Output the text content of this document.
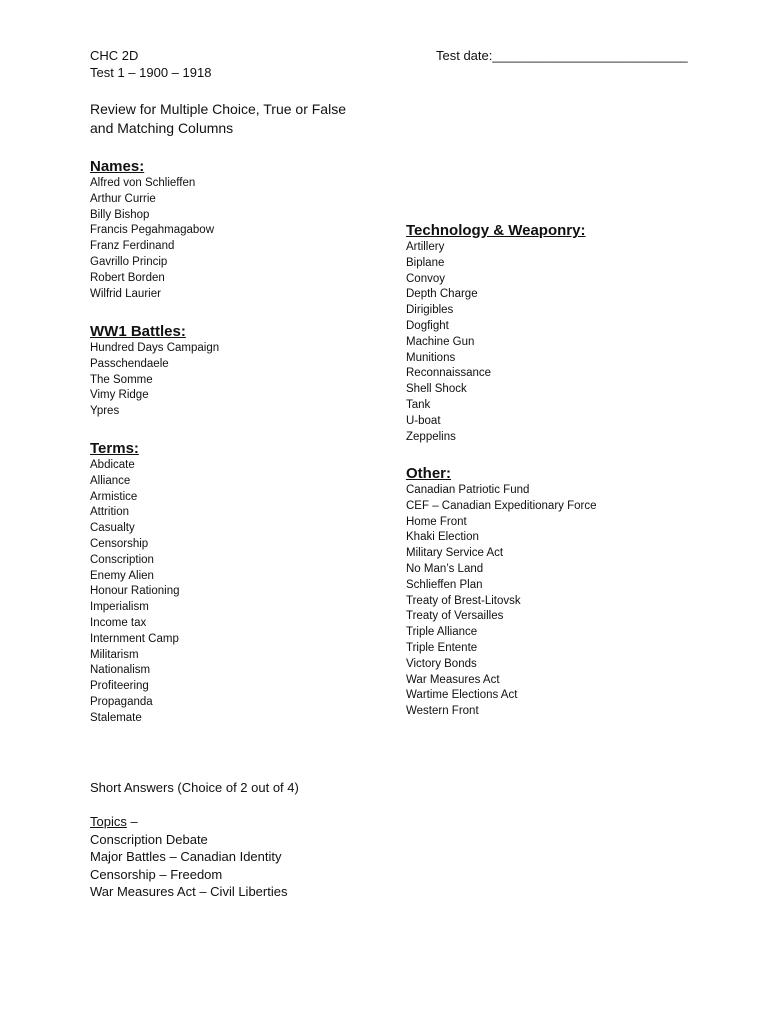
CHC 2D
Test 1 – 1900 – 1918
Test date:___________________________
Review for Multiple Choice, True or False
and Matching Columns
Names:
Alfred von Schlieffen
Arthur Currie
Billy Bishop
Francis Pegahmagabow
Franz Ferdinand
Gavrillo Princip
Robert Borden
Wilfrid Laurier
WW1 Battles:
Hundred Days Campaign
Passchendaele
The Somme
Vimy Ridge
Ypres
Terms:
Abdicate
Alliance
Armistice
Attrition
Casualty
Censorship
Conscription
Enemy Alien
Honour Rationing
Imperialism
Income tax
Internment Camp
Militarism
Nationalism
Profiteering
Propaganda
Stalemate
Technology & Weaponry:
Artillery
Biplane
Convoy
Depth Charge
Dirigibles
Dogfight
Machine Gun
Munitions
Reconnaissance
Shell Shock
Tank
U-boat
Zeppelins
Other:
Canadian Patriotic Fund
CEF – Canadian Expeditionary Force
Home Front
Khaki Election
Military Service Act
No Man’s Land
Schlieffen Plan
Treaty of Brest-Litovsk
Treaty of Versailles
Triple Alliance
Triple Entente
Victory Bonds
War Measures Act
Wartime Elections Act
Western Front
Short Answers (Choice of 2 out of 4)
Topics –
Conscription Debate
Major Battles – Canadian Identity
Censorship – Freedom
War Measures Act – Civil Liberties
